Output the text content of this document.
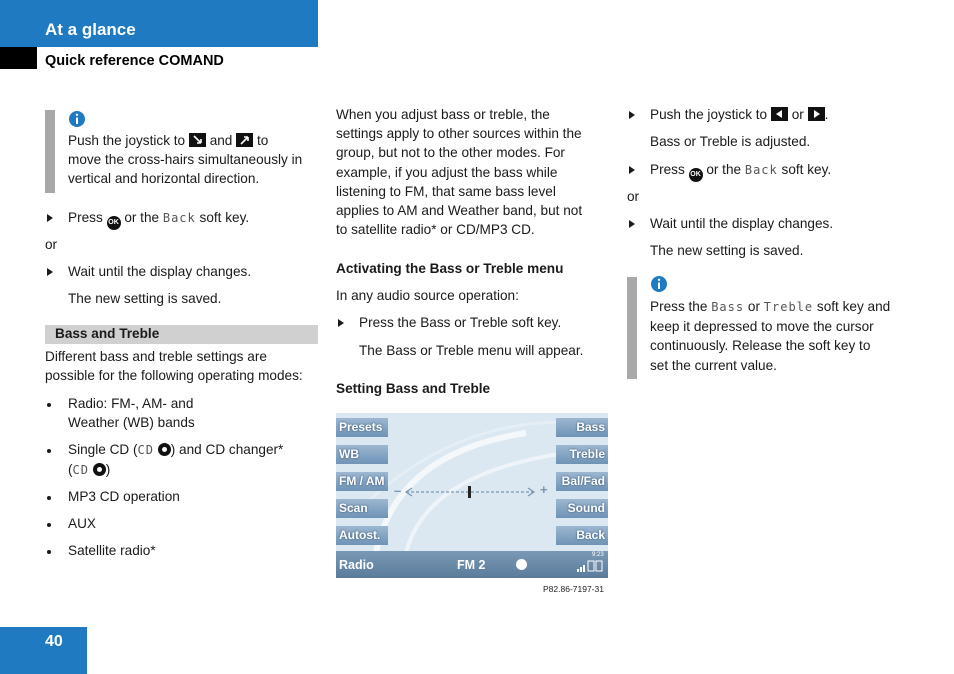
At a glance
Quick reference COMAND
Push the joystick to and to
move the cross-hairs simultaneously in
vertical and horizontal direction.
Press OK or the Back soft key.
or
Wait until the display changes.
The new setting is saved.
Bass and Treble
Different bass and treble settings are
possible for the following operating modes:
Radio: FM-, AM- and
Weather (WB) bands
Single CD (CD ) and CD changer*
(CD )
MP3 CD operation
AUX
Satellite radio*
When you adjust bass or treble, the
settings apply to other sources within the
group, but not to the other modes. For
example, if you adjust the bass while
listening to FM, that same bass level
applies to AM and Weather band, but not
to satellite radio* or CD/MP3 CD.
Activating the Bass or Treble menu
In any audio source operation:
Press the Bass or Treble soft key.
The Bass or Treble menu will appear.
Setting Bass and Treble
Presets
WB
FM / AM
Scan
Autost.
Bass
Treble
Bal/Fad
Sound
Back
–	+
Radio	FM 2
9:23
P82.86-7197-31
Push the joystick to or .
Bass or Treble is adjusted.
Press OK or the Back soft key.
or
Wait until the display changes.
The new setting is saved.
Press the Bass or Treble soft key and
keep it depressed to move the cursor
continuously. Release the soft key to
set the current value.
40
